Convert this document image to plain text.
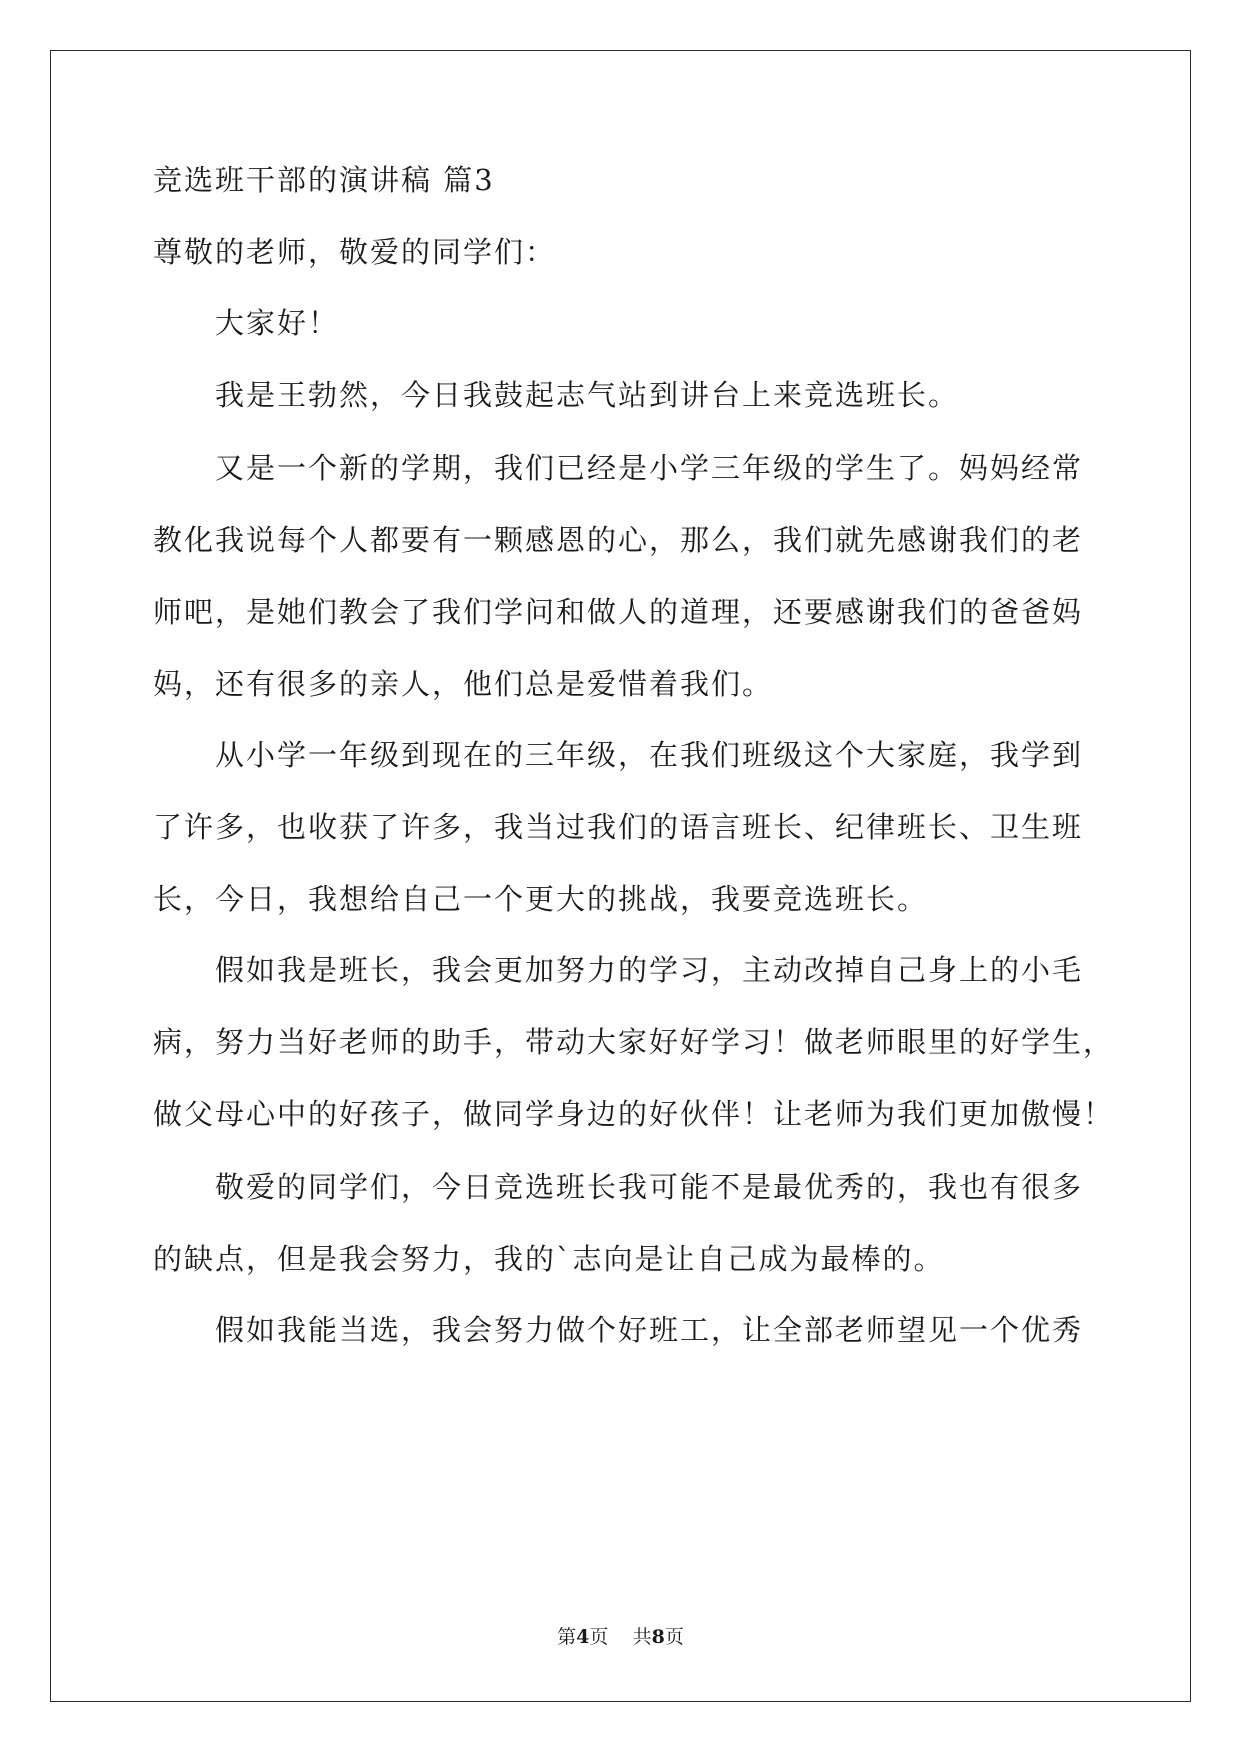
竞选班干部的演讲稿 篇3
尊敬的老师，敬爱的同学们：
大家好！
我是王勃然，今日我鼓起志气站到讲台上来竞选班长。
又是一个新的学期，我们已经是小学三年级的学生了。妈妈经常
教化我说每个人都要有一颗感恩的心，那么，我们就先感谢我们的老
师吧，是她们教会了我们学问和做人的道理，还要感谢我们的爸爸妈
妈，还有很多的亲人，他们总是爱惜着我们。
从小学一年级到现在的三年级，在我们班级这个大家庭，我学到
了许多，也收获了许多，我当过我们的语言班长、纪律班长、卫生班
长，今日，我想给自己一个更大的挑战，我要竞选班长。
假如我是班长，我会更加努力的学习，主动改掉自己身上的小毛
病，努力当好老师的助手，带动大家好好学习！做老师眼里的好学生，
做父母心中的好孩子，做同学身边的好伙伴！让老师为我们更加傲慢！
敬爱的同学们，今日竞选班长我可能不是最优秀的，我也有很多
的缺点，但是我会努力，我的`志向是让自己成为最棒的。
假如我能当选，我会努力做个好班工，让全部老师望见一个优秀
第4页 共8页
